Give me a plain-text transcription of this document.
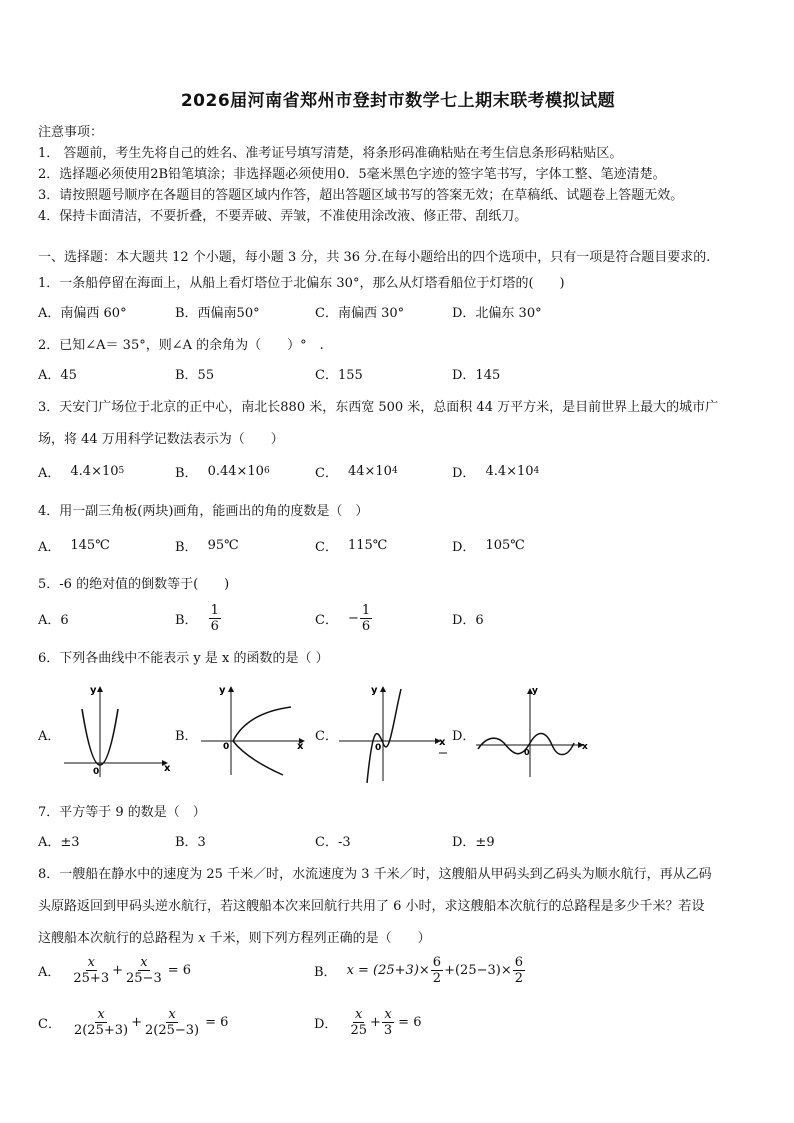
2026届河南省郑州市登封市数学七上期末联考模拟试题
注意事项：
1． 答题前，考生先将自己的姓名、准考证号填写清楚，将条形码准确粘贴在考生信息条形码粘贴区。
2．选择题必须使用2B铅笔填涂；非选择题必须使用0．5毫米黑色字迹的签字笔书写，字体工整、笔迹清楚。
3．请按照题号顺序在各题目的答题区域内作答，超出答题区域书写的答案无效；在草稿纸、试题卷上答题无效。
4．保持卡面清洁，不要折叠，不要弄破、弄皱，不准使用涂改液、修正带、刮纸刀。
一、选择题：本大题共 12 个小题，每小题 3 分，共 36 分.在每小题给出的四个选项中，只有一项是符合题目要求的.
1．一条船停留在海面上，从船上看灯塔位于北偏东 30°，那么从灯塔看船位于灯塔的(　　)
A．南偏西 60°	B．西偏南50°	C．南偏西 30°	D．北偏东 30°
2．已知∠A＝ 35°，则∠A 的余角为（　　）°　.
A．45	B．55	C．155	D．145
3．天安门广场位于北京的正中心，南北长880 米，东西宽 500 米，总面积 44 万平方米，是目前世界上最大的城市广
场，将 44 万用科学记数法表示为（　　）
A． 4.4×10 5	B． 0.44×10 6	C． 44×10 4	D． 4.4×10 4
4．用一副三角板(两块)画角，能画出的角的度数是（　）
A． 145℃	B． 95℃	C． 115℃	D． 105℃
5．-6 的绝对值的倒数等于(　　)
A．6	B． $\frac{1}{6}$	C． − $\frac{1}{6}$	D．6
6．下列各曲线中不能表示 y 是 x 的函数的是（ ）
A．
y
x
0
B．
y
x
0
C．
y
x
0
D．
y
x
0
7．平方等于 9 的数是（　）
A．±3	B．3	C．-3	D．±9
8．一艘船在静水中的速度为 25 千米／时，水流速度为 3 千米／时，这艘船从甲码头到乙码头为顺水航行，再从乙码
头原路返回到甲码头逆水航行，若这艘船本次来回航行共用了 6 小时，求这艘船本次航行的总路程是多少千米？若设
这艘船本次航行的总路程为 x 千米，则下列方程列正确的是（　　）
A． $\frac{x}{25+3} + \frac{x}{25-3} = 6$	B． $x = (25+3)\times \frac{6}{2} +(25-3)\times \frac{6}{2}$
C． $\frac{x}{2(25+3)} + \frac{x}{2(25-3)} = 6$	D． $\frac{x}{25} + \frac{x}{3} = 6$
